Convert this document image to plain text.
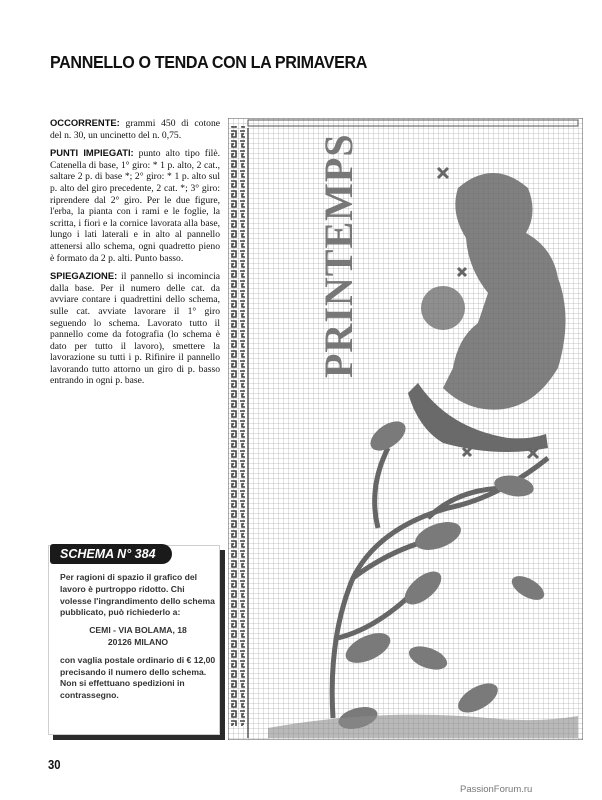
PANNELLO O TENDA CON LA PRIMAVERA

OCCORRENTE: grammi 450 di cotone del n. 30, un uncinetto del n. 0,75.

PUNTI IMPIEGATI: punto alto tipo filè. Catenella di base, 1° giro: * 1 p. alto, 2 cat., saltare 2 p. di base *; 2° giro: * 1 p. alto sul p. alto del giro precedente, 2 cat. *; 3° giro: riprendere dal 2° giro. Per le due figure, l'erba, la pianta con i rami e le foglie, la scritta, i fiori e la cornice lavorata alla base, lungo i lati laterali e in alto al pannello attenersi allo schema, ogni quadretto pieno è formato da 2 p. alti. Punto basso.

SPIEGAZIONE: il pannello si incomincia dalla base. Per il numero delle cat. da avviare contare i quadrettini dello schema, sulle cat. avviate lavorare il 1° giro seguendo lo schema. Lavorato tutto il pannello come da fotografia (lo schema è dato per tutto il lavoro), smettere la lavorazione su tutti i p. Rifinire il pannello lavorando tutto attorno un giro di p. basso entrando in ogni p. base.

SCHEMA N° 384

Per ragioni di spazio il grafico del lavoro è purtroppo ridotto. Chi volesse l'ingrandimento dello schema pubblicato, può richiederlo a:

CEMI - VIA BOLAMA, 18
20126 MILANO

con vaglia postale ordinario di € 12,00 precisando il numero dello schema. Non si effettuano spedizioni in contrassegno.

PRINTEMPS
30
PassionForum.ru
